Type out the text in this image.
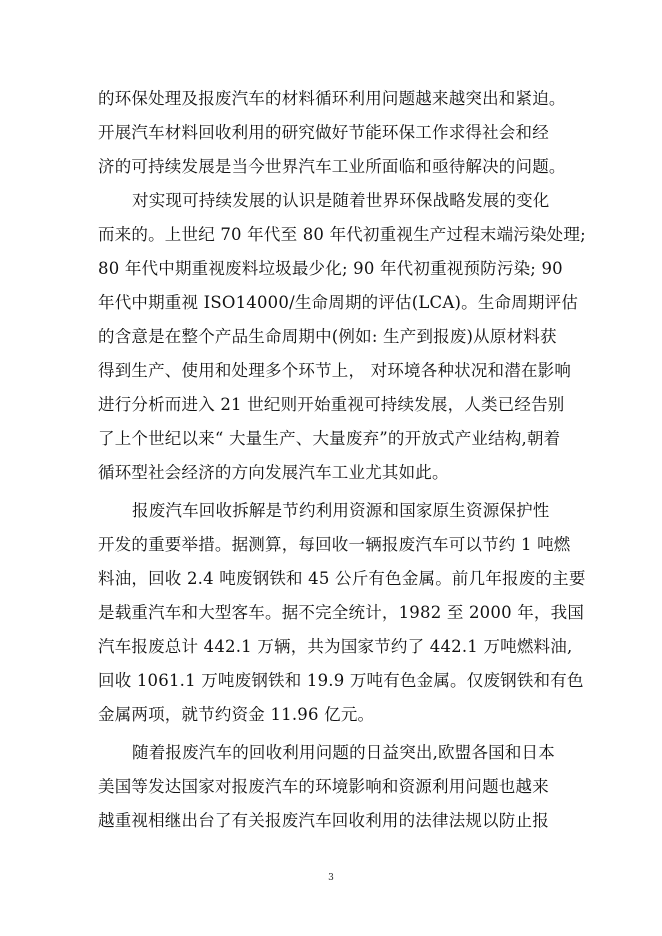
的环保处理及报废汽车的材料循环利用问题越来越突出和紧迫。
开展汽车材料回收利用的研究做好节能环保工作求得社会和经
济的可持续发展是当今世界汽车工业所面临和亟待解决的问题。
对实现可持续发展的认识是随着世界环保战略发展的变化
而来的。上世纪 70 年代至 80 年代初重视生产过程末端污染处理;
80 年代中期重视废料垃圾最少化; 90 年代初重视预防污染; 90
年代中期重视 ISO14000/生命周期的评估(LCA)。生命周期评估
的含意是在整个产品生命周期中(例如: 生产到报废)从原材料获
得到生产、使用和处理多个环节上， 对环境各种状况和潜在影响
进行分析而进入 21 世纪则开始重视可持续发展，人类已经告别
了上个世纪以来“ 大量生产、大量废弃”的开放式产业结构,朝着
循环型社会经济的方向发展汽车工业尤其如此。
报废汽车回收拆解是节约利用资源和国家原生资源保护性
开发的重要举措。据测算，每回收一辆报废汽车可以节约 1 吨燃
料油，回收 2.4 吨废钢铁和 45 公斤有色金属。前几年报废的主要
是载重汽车和大型客车。据不完全统计，1982 至 2000 年，我国
汽车报废总计 442.1 万辆，共为国家节约了 442.1 万吨燃料油,
回收 1061.1 万吨废钢铁和 19.9 万吨有色金属。仅废钢铁和有色
金属两项，就节约资金 11.96 亿元。
随着报废汽车的回收利用问题的日益突出,欧盟各国和日本
美国等发达国家对报废汽车的环境影响和资源利用问题也越来
越重视相继出台了有关报废汽车回收利用的法律法规以防止报
3
